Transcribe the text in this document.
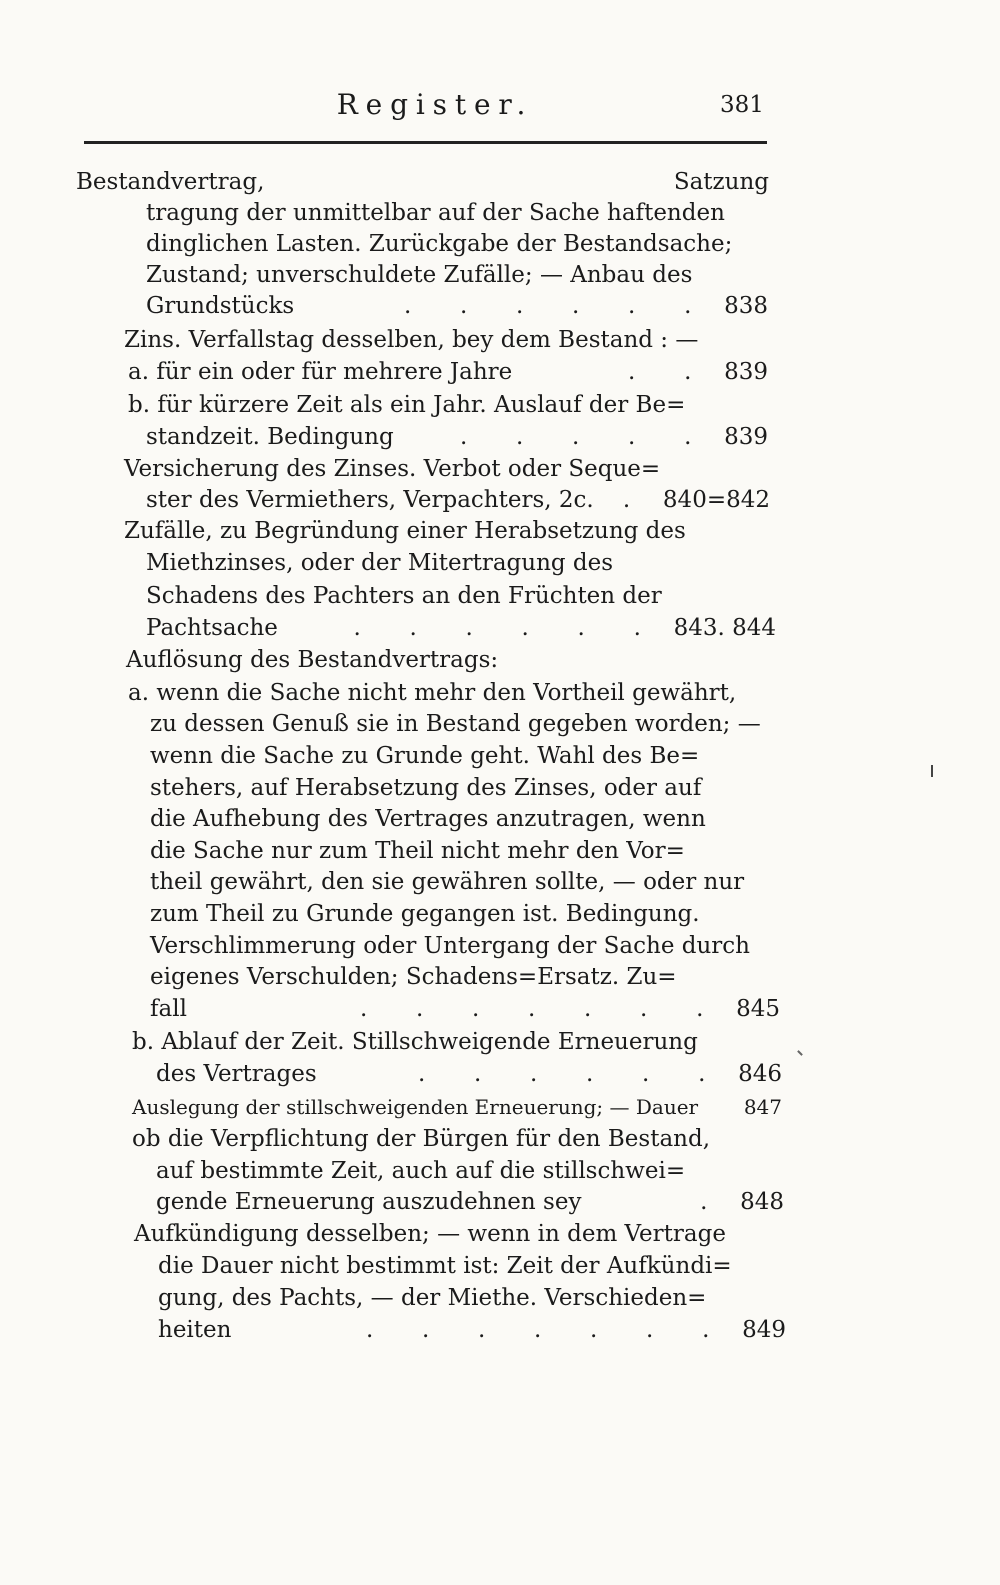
Register.	381
Bestandvertrag,	Satzung
tragung der unmittelbar auf der Sache haftenden
dinglichen Lasten. Zurückgabe der Bestandsache;
Zustand; unverschuldete Zufälle; — Anbau des
Grundstücks	. . . . . . 838
Zins. Verfallstag desselben, bey dem Bestand : —
a. für ein oder für mehrere Jahre	. . 839
b. für kürzere Zeit als ein Jahr. Auslauf der Be=
standzeit. Bedingung	. . . . . 839
Versicherung des Zinses. Verbot oder Seque=
ster des Vermiethers, Verpachters, 2c.	. 840=842
Zufälle, zu Begründung einer Herabsetzung des
Miethzinses, oder der Mitertragung des
Schadens des Pachters an den Früchten der
Pachtsache	. . . . . . 843. 844
Auflösung des Bestandvertrags:
a. wenn die Sache nicht mehr den Vortheil gewährt,
zu dessen Genuß sie in Bestand gegeben worden; —
wenn die Sache zu Grunde geht. Wahl des Be=
stehers, auf Herabsetzung des Zinses, oder auf
die Aufhebung des Vertrages anzutragen, wenn
die Sache nur zum Theil nicht mehr den Vor=
theil gewährt, den sie gewähren sollte, — oder nur
zum Theil zu Grunde gegangen ist. Bedingung.
Verschlimmerung oder Untergang der Sache durch
eigenes Verschulden; Schadens=Ersatz. Zu=
fall	. . . . . . . 845
b. Ablauf der Zeit. Stillschweigende Erneuerung
des Vertrages	. . . . . . 846
Auslegung der stillschweigenden Erneuerung; — Dauer 847
ob die Verpflichtung der Bürgen für den Bestand,
auf bestimmte Zeit, auch auf die stillschwei=
gende Erneuerung auszudehnen sey	. 848
Aufkündigung desselben; — wenn in dem Vertrage
die Dauer nicht bestimmt ist: Zeit der Aufkündi=
gung, des Pachts, — der Miethe. Verschieden=
heiten	. . . . . . . 849
